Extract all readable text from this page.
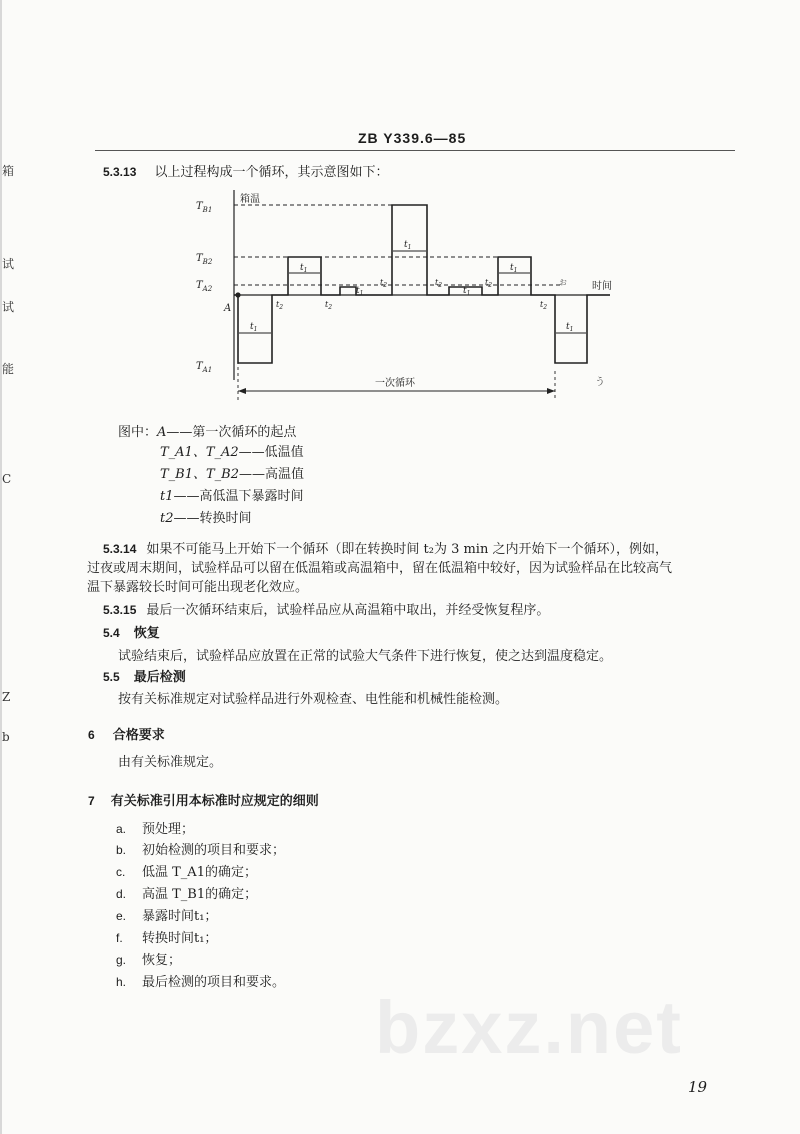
箱
试
试
能
C
Z
b
ZB Y339.6—85
5.3.13 以上过程构成一个循环，其示意图如下：
箱温
时间
$T_{B1}$
$T_{B2}$
$T_{A2}$
$T_{A1}$
A
$t_1$
$t_1$
$t_1$
$t_1$
$t_1$
$t_1$	$t_1$
$t_2$	$t_2$
$t_2$	$t_2$	$t_2$
$t_2$
ぉ
う
一次循环
图中：A——第一次循环的起点
T_A1、T_A2——低温值
T_B1、T_B2——高温值
t1——高低温下暴露时间
t2——转换时间
5.3.14 如果不可能马上开始下一个循环（即在转换时间 t₂为 3 min 之内开始下一个循环），例如，
过夜或周末期间，试验样品可以留在低温箱或高温箱中，留在低温箱中较好，因为试验样品在比较高气
温下暴露较长时间可能出现老化效应。
5.3.15 最后一次循环结束后，试验样品应从高温箱中取出，并经受恢复程序。
5.4 恢复
试验结束后，试验样品应放置在正常的试验大气条件下进行恢复，使之达到温度稳定。
5.5 最后检测
按有关标准规定对试验样品进行外观检查、电性能和机械性能检测。
6 合格要求
由有关标准规定。
7 有关标准引用本标准时应规定的细则
a. 预处理；
b. 初始检测的项目和要求；
c. 低温 T_A1的确定；
d. 高温 T_B1的确定；
e. 暴露时间t₁；
f. 转换时间t₁；
g. 恢复；
h. 最后检测的项目和要求。
bzxz.net
19
